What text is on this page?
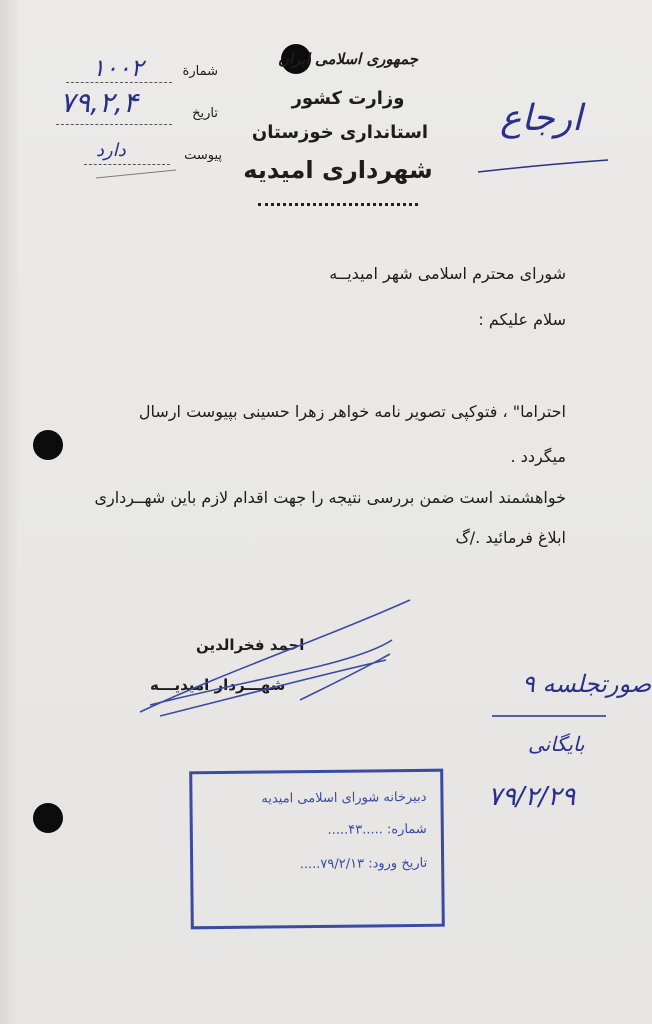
جمهوری اسلامی ایران
وزارت کشور
استانداری خوزستان
شهرداری امیدیه
شمارة
۱۰۰۲
تاريخ
۷۹,۲,۴
پيوست
دارد
ارجاع
شورای محترم اسلامی شهر امیدیــه
سلام علیکم :
احتراما" ، فتوکپی تصویر نامه خواهر زهرا حسینی بپیوست ارسال
میگردد .
خواهشمند است ضمن بررسی نتیجه را جهت اقدام لازم باین شهــرداری
ابلاغ فرمائید ./گ
احمد فخرالدین
شهـــردار امیدیـــه	صورتجلسه ۹
بایگانی
۷۹/۲/۲۹
دبیرخانه شورای اسلامی امیدیه
شماره: .....۴۳.....
تاریخ ورود: ۷۹/۲/۱۳.....
